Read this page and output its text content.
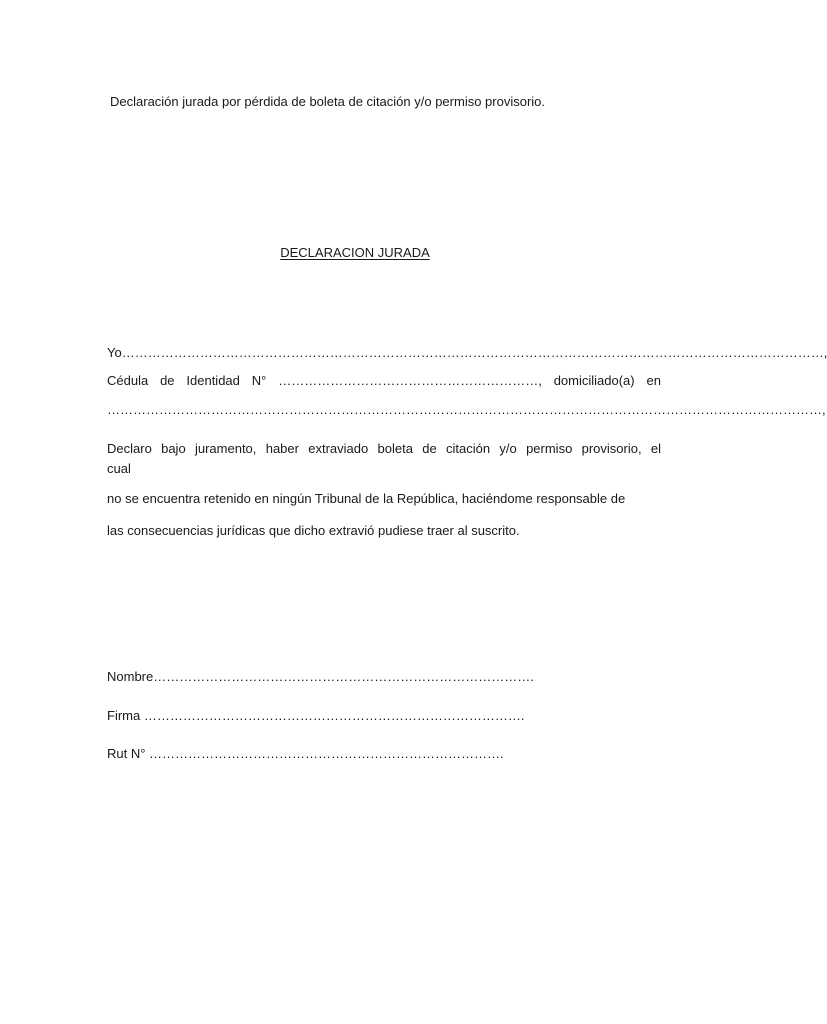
Declaración jurada por pérdida de boleta de citación y/o permiso provisorio.
DECLARACION JURADA
Yo………………………………………………………………………………………………………………………………………………,
Cédula de Identidad N° ……………………………………………………, domiciliado(a) en
…………………………………………………………………………………………………………………………………………………,
Declaro bajo juramento, haber extraviado boleta de citación y/o permiso provisorio, el
cual
no se encuentra retenido en ningún Tribunal de la República, haciéndome responsable de
las consecuencias jurídicas que dicho extravió pudiese traer al suscrito.
Nombre…………………………………………………………………………….
Firma …………………………………………………………………………….
Rut N° ……………………………………………………………………….
